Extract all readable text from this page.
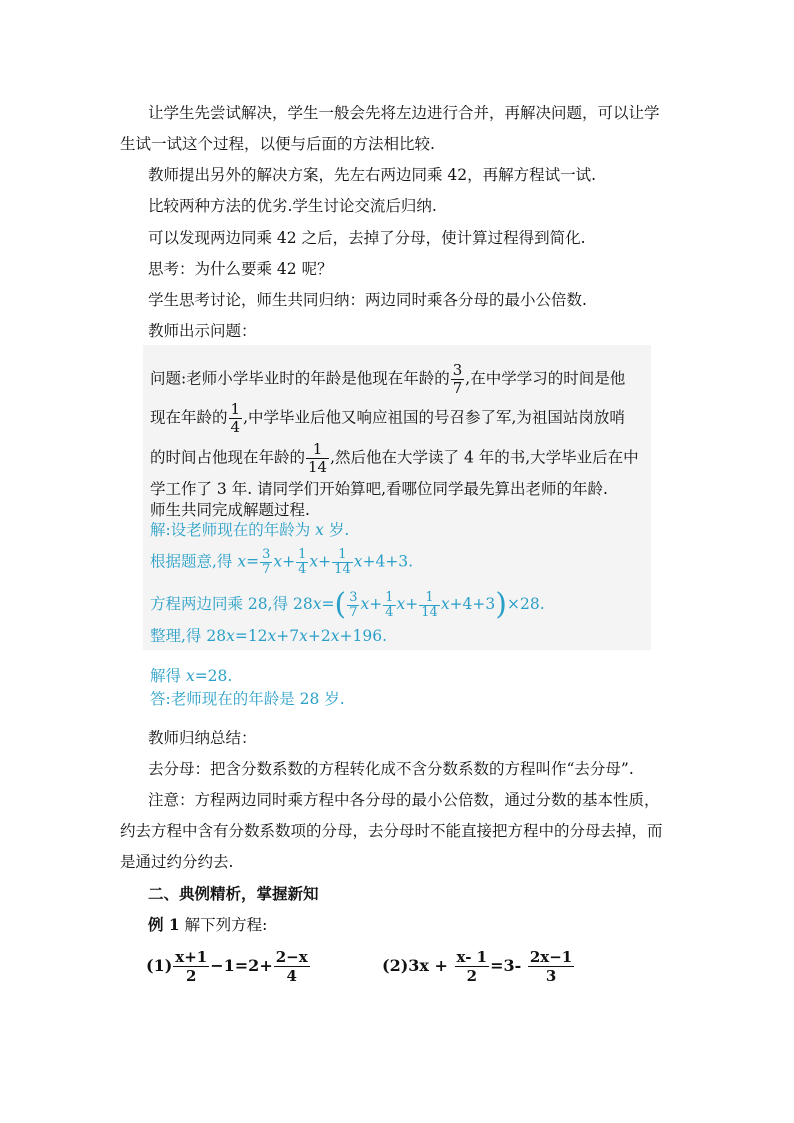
让学生先尝试解决，学生一般会先将左边进行合并，再解决问题，可以让学
生试一试这个过程，以便与后面的方法相比较.
教师提出另外的解决方案，先左右两边同乘 42，再解方程试一试.
比较两种方法的优劣.学生讨论交流后归纳.
可以发现两边同乘 42 之后，去掉了分母，使计算过程得到简化.
思考：为什么要乘 42 呢？
学生思考讨论，师生共同归纳：两边同时乘各分母的最小公倍数.
教师出示问题：
问题:老师小学毕业时的年龄是他现在年龄的 $\frac{3}{7}$ ,在中学学习的时间是他
现在年龄的 $\frac{1}{4}$ ,中学毕业后他又响应祖国的号召参了军,为祖国站岗放哨
的时间占他现在年龄的 $\frac{1}{14}$ ,然后他在大学读了 4 年的书,大学毕业后在中
学工作了 3 年. 请同学们开始算吧,看哪位同学最先算出老师的年龄.
师生共同完成解题过程.
解:设老师现在的年龄为 x 岁.
根据题意,得 $x= \frac{3}{7} x+ \frac{1}{4} x+ \frac{1}{14} x+4+3$.
方程两边同乘 28,得 $28x=( \frac{3}{7} x+ \frac{1}{4} x+ \frac{1}{14} x+4+3)\times 28$.
整理,得 28x=12x+7x+2x+196.
解得 x=28.
答:老师现在的年龄是 28 岁.
教师归纳总结：
去分母：把含分数系数的方程转化成不含分数系数的方程叫作“去分母”.
注意：方程两边同时乘方程中各分母的最小公倍数，通过分数的基本性质，
约去方程中含有分数系数项的分母，去分母时不能直接把方程中的分母去掉，而
是通过约分约去.
二、典例精析，掌握新知
例 1 解下列方程:
$(1) \frac{x+1}{2} -1=2+ \frac{2-x}{4}$	$(2)3x + \frac{x- 1}{2} =3- \frac{2x-1}{3}$
